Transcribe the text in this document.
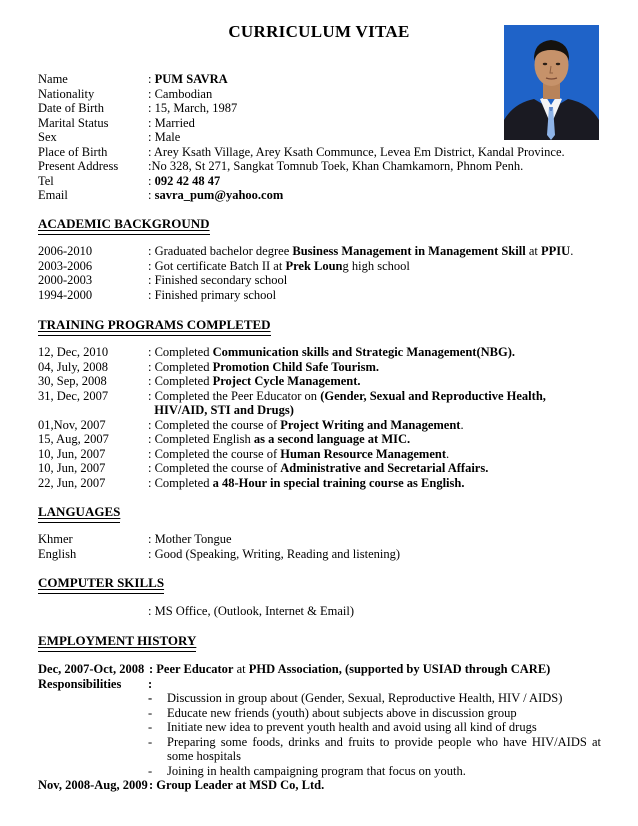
CURRICULUM VITAE
Name	: PUM SAVRA
Nationality	: Cambodian
Date of Birth	: 15, March, 1987
Marital Status	: Married
Sex	: Male
Place of Birth	: Arey Ksath Village, Arey Ksath Communce, Levea Em District, Kandal Province.
Present Address :No 328, St 271, Sangkat Tomnub Toek, Khan Chamkamorn, Phnom Penh.
Tel	: 092 42 48 47
Email	: savra_pum@yahoo.com
ACADEMIC BACKGROUND
2006-2010	: Graduated bachelor degree Business Management in Management Skill at PPIU.
2003-2006	: Got certificate Batch II at Prek Loung high school
2000-2003	: Finished secondary school
1994-2000	: Finished primary school
TRAINING PROGRAMS COMPLETED
12, Dec, 2010	: Completed Communication skills and Strategic Management(NBG).
04, July, 2008	: Completed Promotion Child Safe Tourism.
30, Sep, 2008	: Completed Project Cycle Management.
31, Dec, 2007	: Completed the Peer Educator on (Gender, Sexual and Reproductive Health,
HIV/AID, STI and Drugs)
01,Nov, 2007	: Completed the course of Project Writing and Management.
15, Aug, 2007	: Completed English as a second language at MIC.
10, Jun, 2007	: Completed the course of Human Resource Management.
10, Jun, 2007	: Completed the course of Administrative and Secretarial Affairs.
22, Jun, 2007	: Completed a 48-Hour in special training course as English.
LANGUAGES
Khmer	: Mother Tongue
English	: Good (Speaking, Writing, Reading and listening)
COMPUTER SKILLS
: MS Office, (Outlook, Internet & Email)
EMPLOYMENT HISTORY
Dec, 2007-Oct, 2008 : Peer Educator at PHD Association, (supported by USIAD through CARE)
Responsibilities :
- Discussion in group about (Gender, Sexual, Reproductive Health, HIV / AIDS)
- Educate new friends (youth) about subjects above in discussion group
- Initiate new idea to prevent youth health and avoid using all kind of drugs
- Preparing some foods, drinks and fruits to provide people who have HIV/AIDS at
some hospitals
- Joining in health campaigning program that focus on youth.
Nov, 2008-Aug, 2009 : Group Leader at MSD Co, Ltd.
